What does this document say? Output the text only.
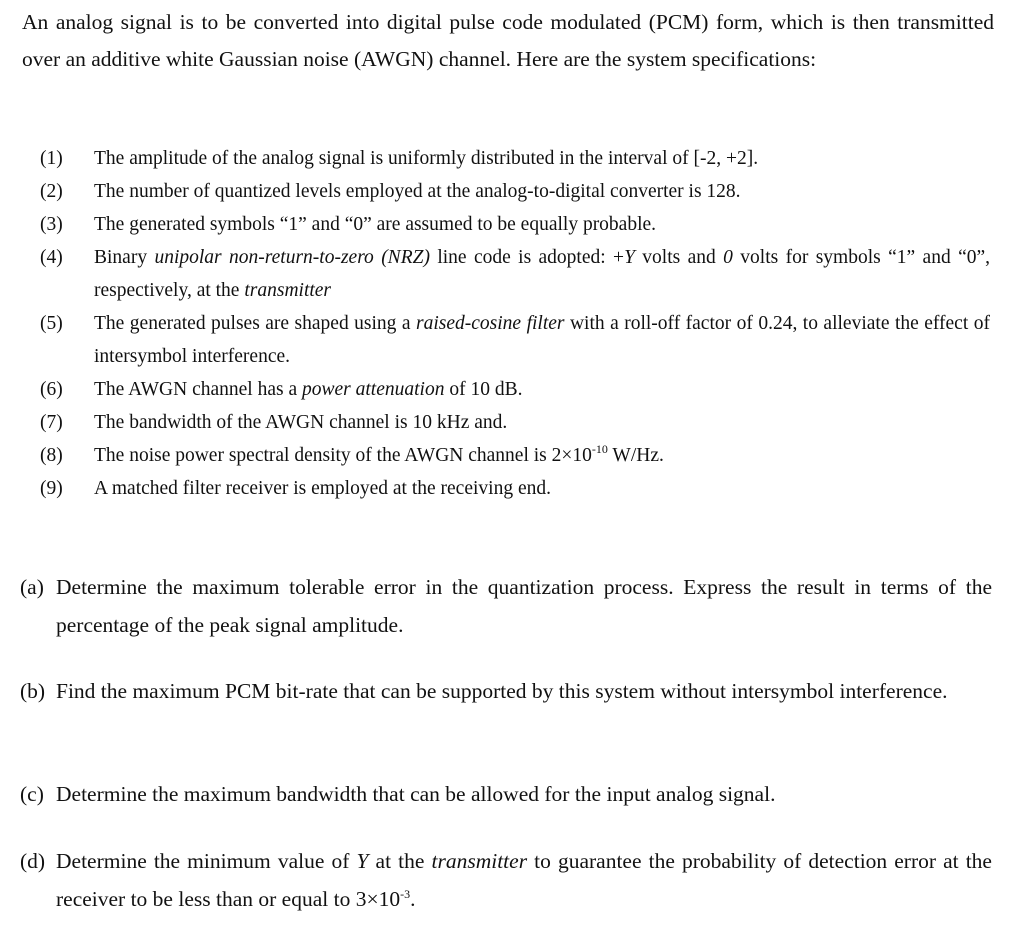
An analog signal is to be converted into digital pulse code modulated (PCM) form, which is then transmitted over an additive white Gaussian noise (AWGN) channel. Here are the system specifications:

(1)	The amplitude of the analog signal is uniformly distributed in the interval of [-2, +2].
(2)	The number of quantized levels employed at the analog-to-digital converter is 128.
(3)	The generated symbols “1” and “0” are assumed to be equally probable.
(4)	Binary unipolar non-return-to-zero (NRZ) line code is adopted: +Y volts and 0 volts for symbols “1” and “0”, respectively, at the transmitter
(5)	The generated pulses are shaped using a raised-cosine filter with a roll-off factor of 0.24, to alleviate the effect of intersymbol interference.
(6)	The AWGN channel has a power attenuation of 10 dB.
(7)	The bandwidth of the AWGN channel is 10 kHz and.
(8)	The noise power spectral density of the AWGN channel is $2\times 10^{-10}$ W/Hz.
(9)	A matched filter receiver is employed at the receiving end.
(a) Determine the maximum tolerable error in the quantization process. Express the result in terms of the percentage of the peak signal amplitude.
(b) Find the maximum PCM bit-rate that can be supported by this system without intersymbol interference.
(c) Determine the maximum bandwidth that can be allowed for the input analog signal.
(d) Determine the minimum value of Y at the transmitter to guarantee the probability of detection error at the receiver to be less than or equal to $3\times 10^{-3}$.
